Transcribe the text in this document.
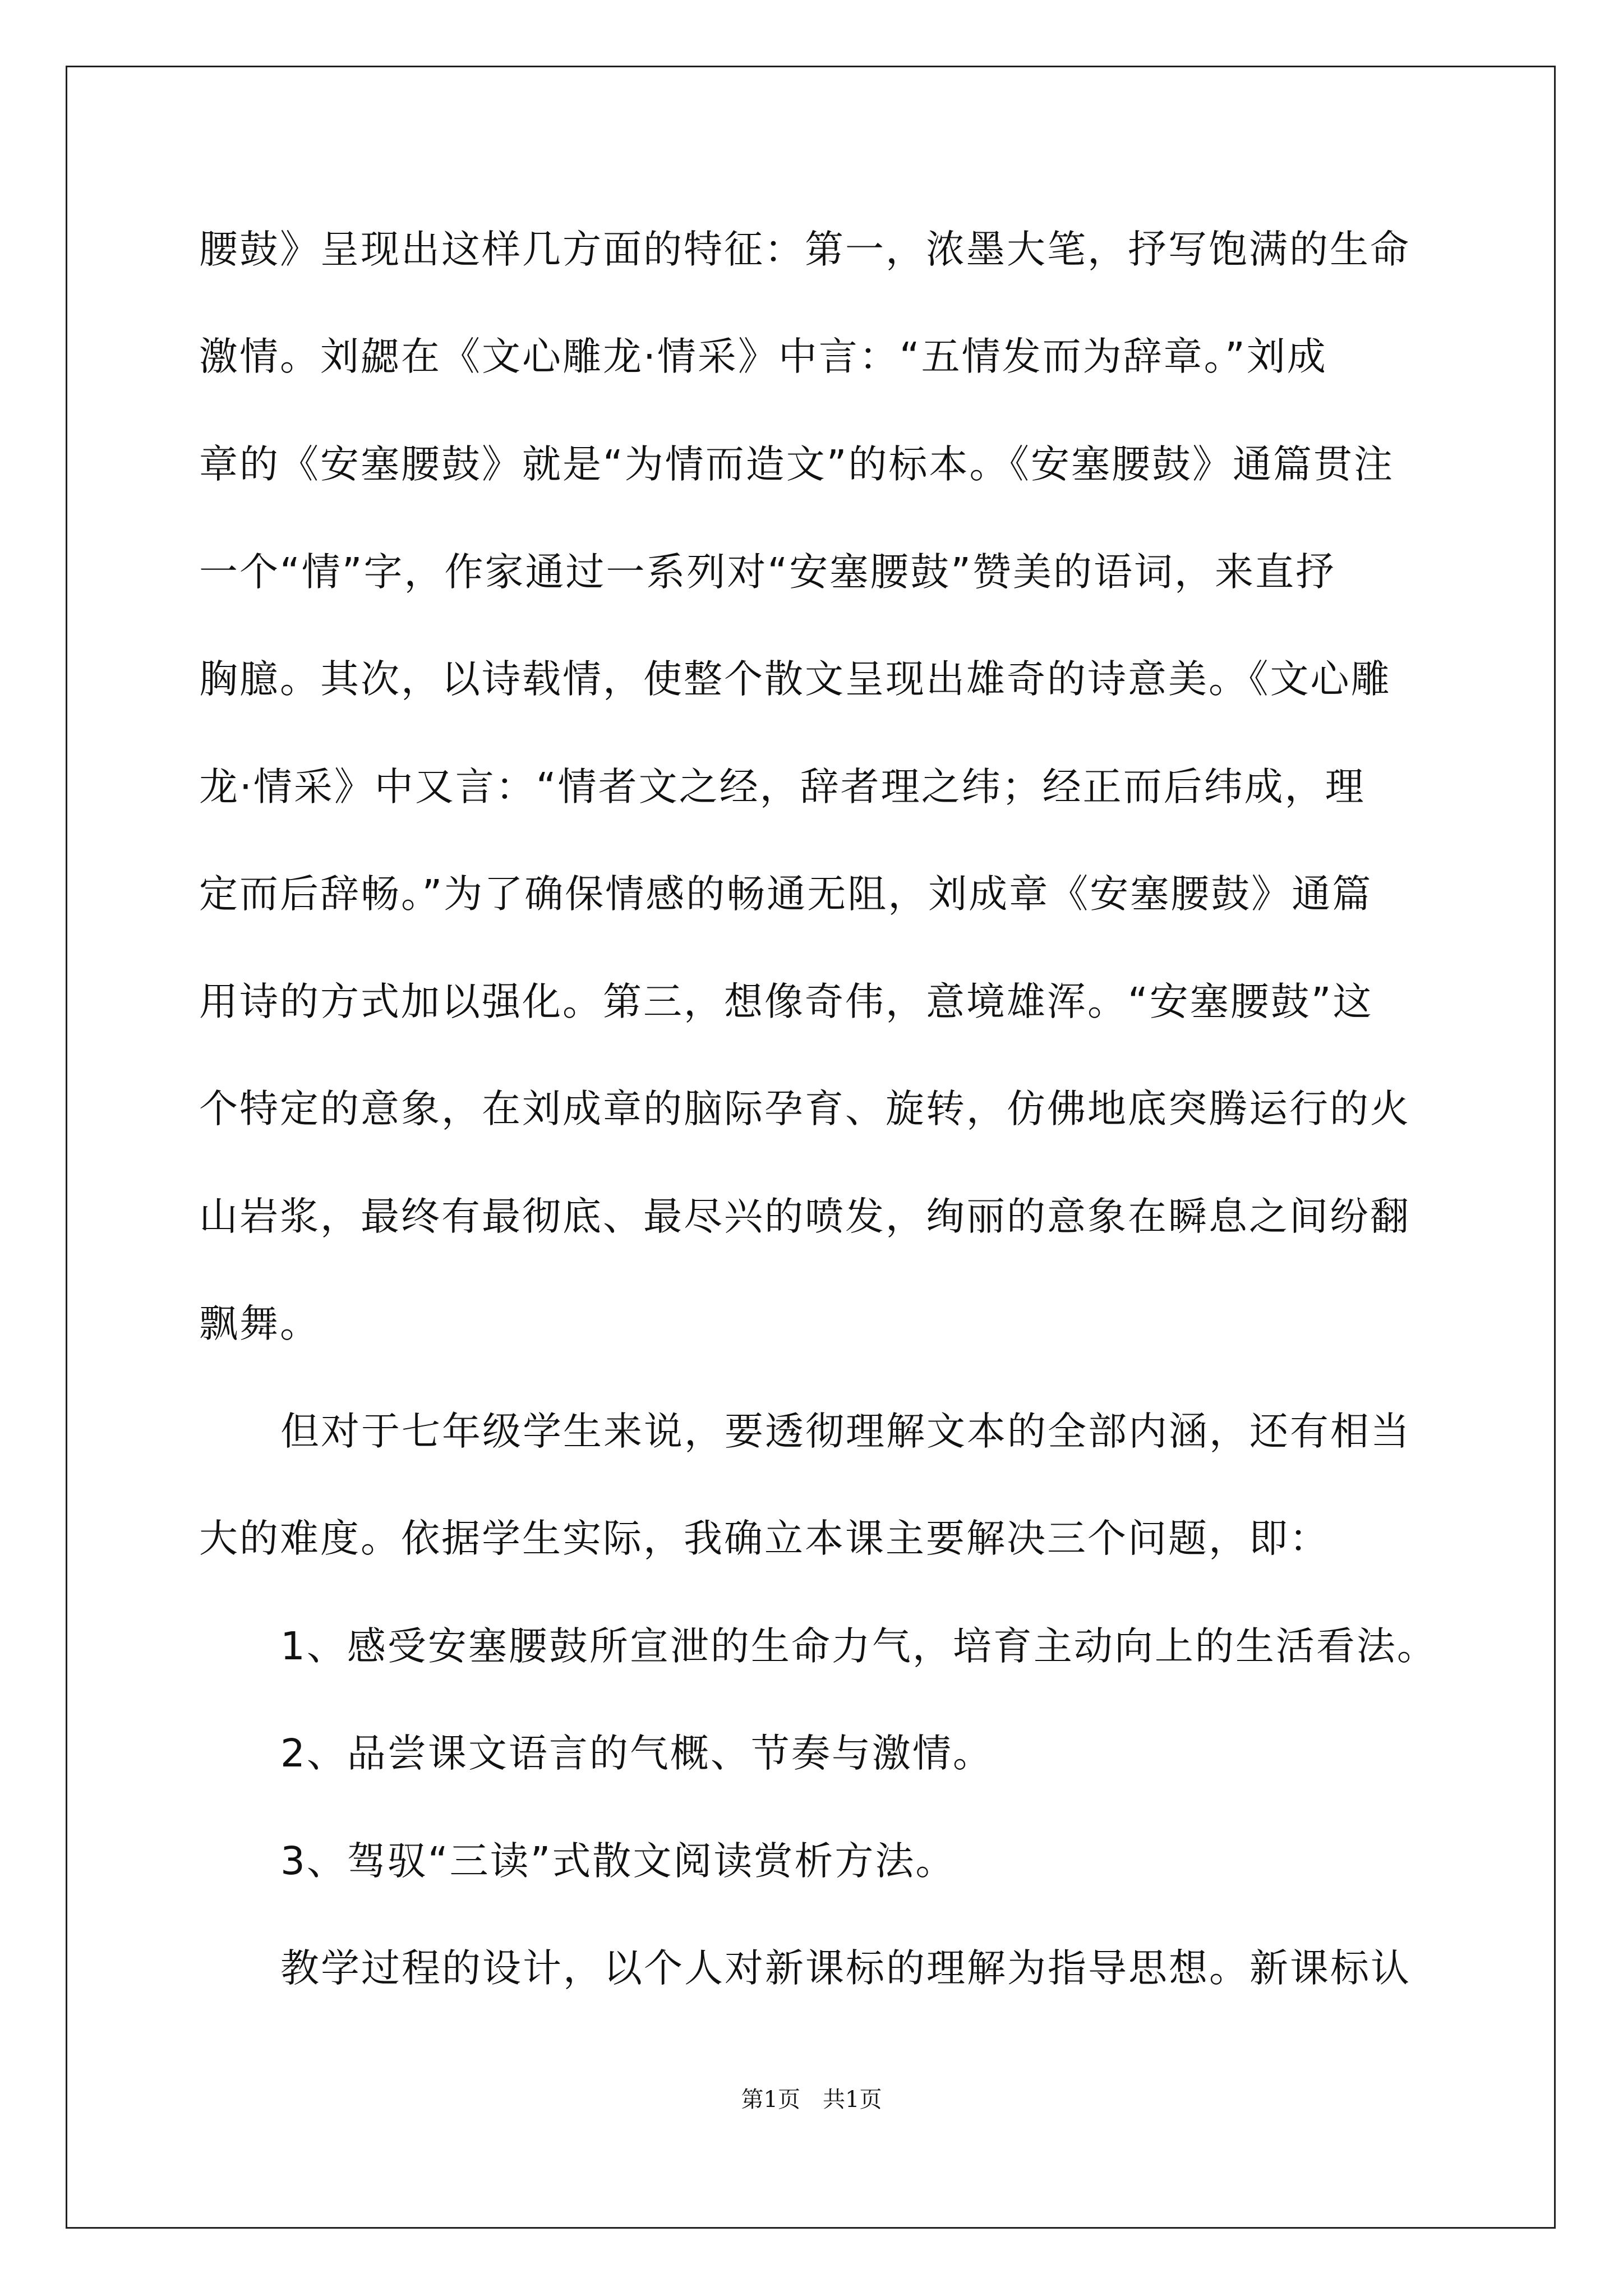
腰鼓》呈现出这样几方面的特征：第一，浓墨大笔，抒写饱满的生命
激情。刘勰在《文心雕龙·情采》中言：“五情发而为辞章。”刘成
章的《安塞腰鼓》就是“为情而造文”的标本。《安塞腰鼓》通篇贯注
一个“情”字，作家通过一系列对“安塞腰鼓”赞美的语词，来直抒
胸臆。其次，以诗载情，使整个散文呈现出雄奇的诗意美。《文心雕
龙·情采》中又言：“情者文之经，辞者理之纬；经正而后纬成，理
定而后辞畅。”为了确保情感的畅通无阻，刘成章《安塞腰鼓》通篇
用诗的方式加以强化。第三，想像奇伟，意境雄浑。“安塞腰鼓”这
个特定的意象，在刘成章的脑际孕育、旋转，仿佛地底突腾运行的火
山岩浆，最终有最彻底、最尽兴的喷发，绚丽的意象在瞬息之间纷翻
飘舞。
但对于七年级学生来说，要透彻理解文本的全部内涵，还有相当
大的难度。依据学生实际，我确立本课主要解决三个问题，即：
1、感受安塞腰鼓所宣泄的生命力气，培育主动向上的生活看法。
2、品尝课文语言的气概、节奏与激情。
3、驾驭“三读”式散文阅读赏析方法。
教学过程的设计，以个人对新课标的理解为指导思想。新课标认
第1页　共1页
